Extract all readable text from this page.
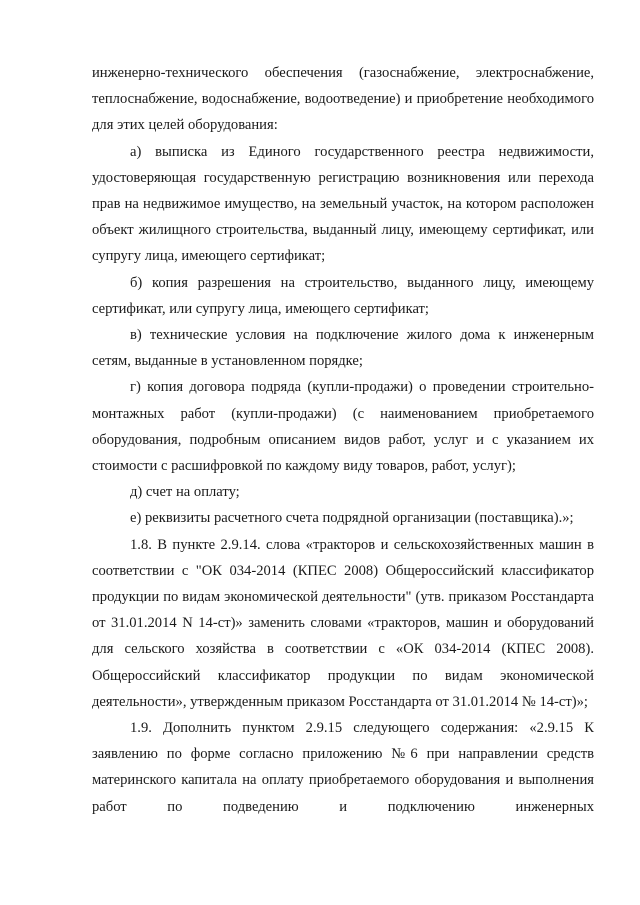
инженерно-технического обеспечения (газоснабжение, электроснабжение, теплоснабжение, водоснабжение, водоотведение) и приобретение необходимого для этих целей оборудования:

а) выписка из Единого государственного реестра недвижимости, удостоверяющая государственную регистрацию возникновения или перехода прав на недвижимое имущество, на земельный участок, на котором расположен объект жилищного строительства, выданный лицу, имеющему сертификат, или супругу лица, имеющего сертификат;

б) копия разрешения на строительство, выданного лицу, имеющему сертификат, или супругу лица, имеющего сертификат;

в) технические условия на подключение жилого дома к инженерным сетям, выданные в установленном порядке;

г) копия договора подряда (купли-продажи) о проведении строительно-монтажных работ (купли-продажи) (с наименованием приобретаемого оборудования, подробным описанием видов работ, услуг и с указанием их стоимости с расшифровкой по каждому виду товаров, работ, услуг);

д) счет на оплату;

е) реквизиты расчетного счета подрядной организации (поставщика).»;

1.8. В пункте 2.9.14. слова «тракторов и сельскохозяйственных машин в соответствии с "ОК 034-2014 (КПЕС 2008) Общероссийский классификатор продукции по видам экономической деятельности" (утв. приказом Росстандарта от 31.01.2014 N 14-ст)» заменить словами «тракторов, машин и оборудований для сельского хозяйства в соответствии с «ОК 034-2014 (КПЕС 2008). Общероссийский классификатор продукции по видам экономической деятельности», утвержденным приказом Росстандарта от 31.01.2014 № 14-ст)»;

1.9. Дополнить пунктом 2.9.15 следующего содержания: «2.9.15 К заявлению по форме согласно приложению №6 при направлении средств материнского капитала на оплату приобретаемого оборудования и выполнения работ по подведению и подключению инженерных
